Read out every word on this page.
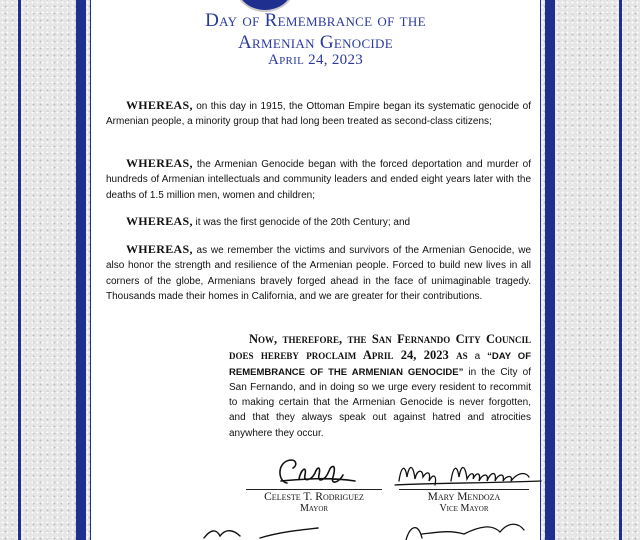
Day of Remembrance of the
Armenian Genocide
April 24, 2023

WHEREAS, on this day in 1915, the Ottoman Empire began its systematic genocide of Armenian people, a minority group that had long been treated as second-class citizens;

WHEREAS, the Armenian Genocide began with the forced deportation and murder of hundreds of Armenian intellectuals and community leaders and ended eight years later with the deaths of 1.5 million men, women and children;

WHEREAS, it was the first genocide of the 20th Century; and

WHEREAS, as we remember the victims and survivors of the Armenian Genocide, we also honor the strength and resilience of the Armenian people. Forced to build new lives in all corners of the globe, Armenians bravely forged ahead in the face of unimaginable tragedy. Thousands made their homes in California, and we are greater for their contributions.

Now, therefore, the San Fernando City Council does hereby proclaim April 24, 2023 as a “DAY OF REMEMBRANCE OF THE ARMENIAN GENOCIDE” in the City of San Fernando, and in doing so we urge every resident to recommit to making certain that the Armenian Genocide is never forgotten, and that they always speak out against hatred and atrocities anywhere they occur.
Celeste T. Rodriguez
Mayor
Mary Mendoza
Vice Mayor
